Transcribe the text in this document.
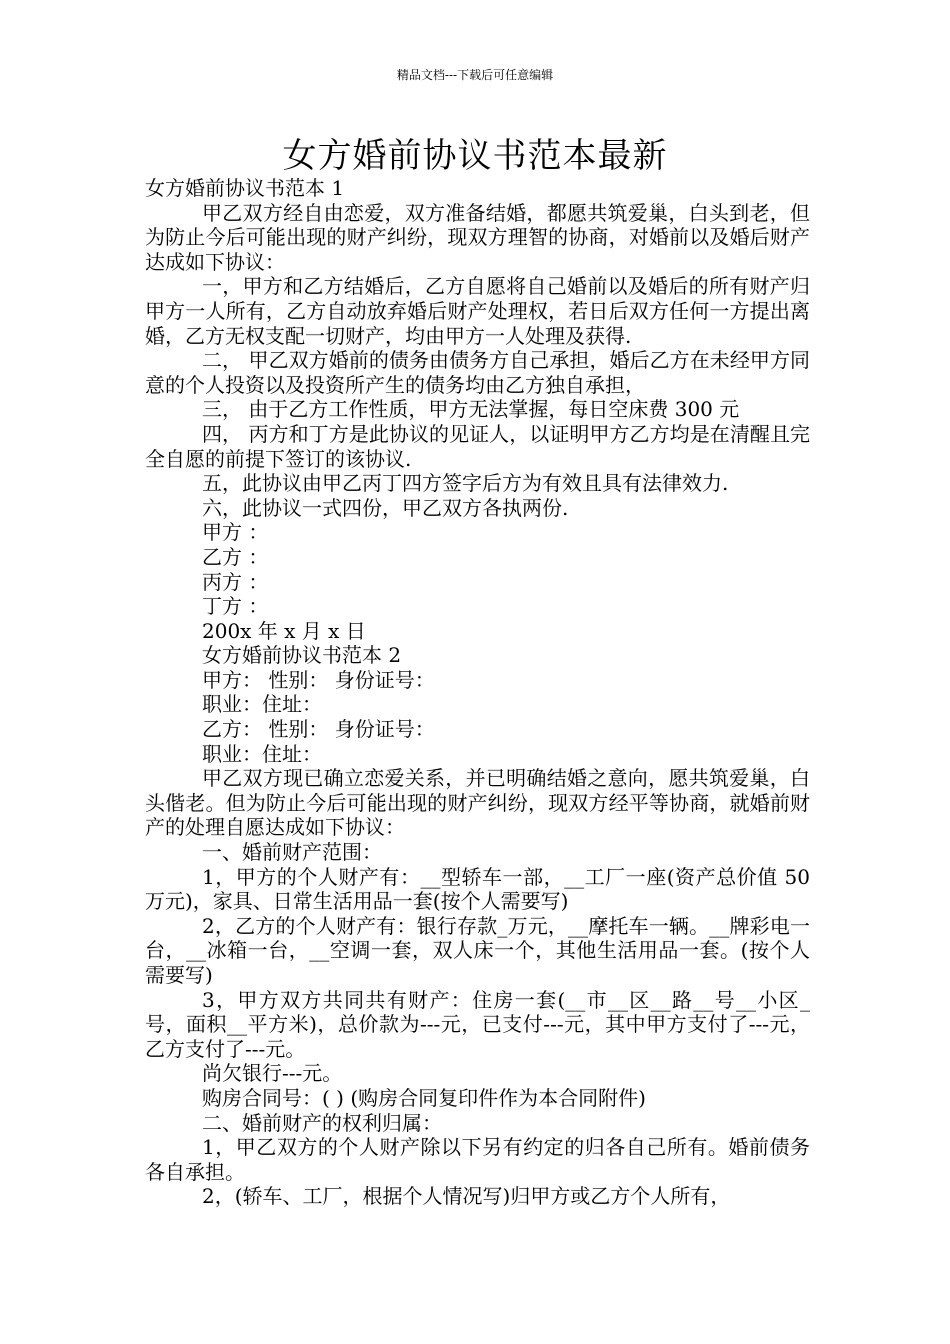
精品文档---下载后可任意编辑
女方婚前协议书范本最新

女方婚前协议书范本 1

甲乙双方经自由恋爱，双方准备结婚，都愿共筑爱巢，白头到老，但为防止今后可能出现的财产纠纷，现双方理智的协商，对婚前以及婚后财产达成如下协议：

一，甲方和乙方结婚后，乙方自愿将自己婚前以及婚后的所有财产归甲方一人所有，乙方自动放弃婚后财产处理权，若日后双方任何一方提出离婚，乙方无权支配一切财产，均由甲方一人处理及获得.

二， 甲乙双方婚前的债务由债务方自己承担，婚后乙方在未经甲方同意的个人投资以及投资所产生的债务均由乙方独自承担，

三， 由于乙方工作性质，甲方无法掌握，每日空床费 300 元

四， 丙方和丁方是此协议的见证人，以证明甲方乙方均是在清醒且完全自愿的前提下签订的该协议.

五，此协议由甲乙丙丁四方签字后方为有效且具有法律效力.

六，此协议一式四份，甲乙双方各执两份.

甲方 ：

乙方 ：

丙方 ：

丁方 ：

200x 年 x 月 x 日

女方婚前协议书范本 2

甲方： 性别： 身份证号：

职业：住址：

乙方： 性别： 身份证号：

职业：住址：

甲乙双方现已确立恋爱关系，并已明确结婚之意向，愿共筑爱巢，白头偕老。但为防止今后可能出现的财产纠纷，现双方经平等协商，就婚前财产的处理自愿达成如下协议：

一、婚前财产范围：

1，甲方的个人财产有：__型轿车一部，__工厂一座(资产总价值 50 万元)，家具、日常生活用品一套(按个人需要写)

2，乙方的个人财产有：银行存款_万元，__摩托车一辆。__牌彩电一台，__冰箱一台，__空调一套，双人床一个，其他生活用品一套。(按个人需要写)

3，甲方双方共同共有财产：住房一套(__市__区__路__号__小区_号，面积__平方米)，总价款为---元，已支付---元，其中甲方支付了---元，乙方支付了---元。

尚欠银行---元。

购房合同号：( ) (购房合同复印件作为本合同附件)

二、婚前财产的权利归属：

1，甲乙双方的个人财产除以下另有约定的归各自己所有。婚前债务各自承担。

2，(轿车、工厂，根据个人情况写)归甲方或乙方个人所有，
